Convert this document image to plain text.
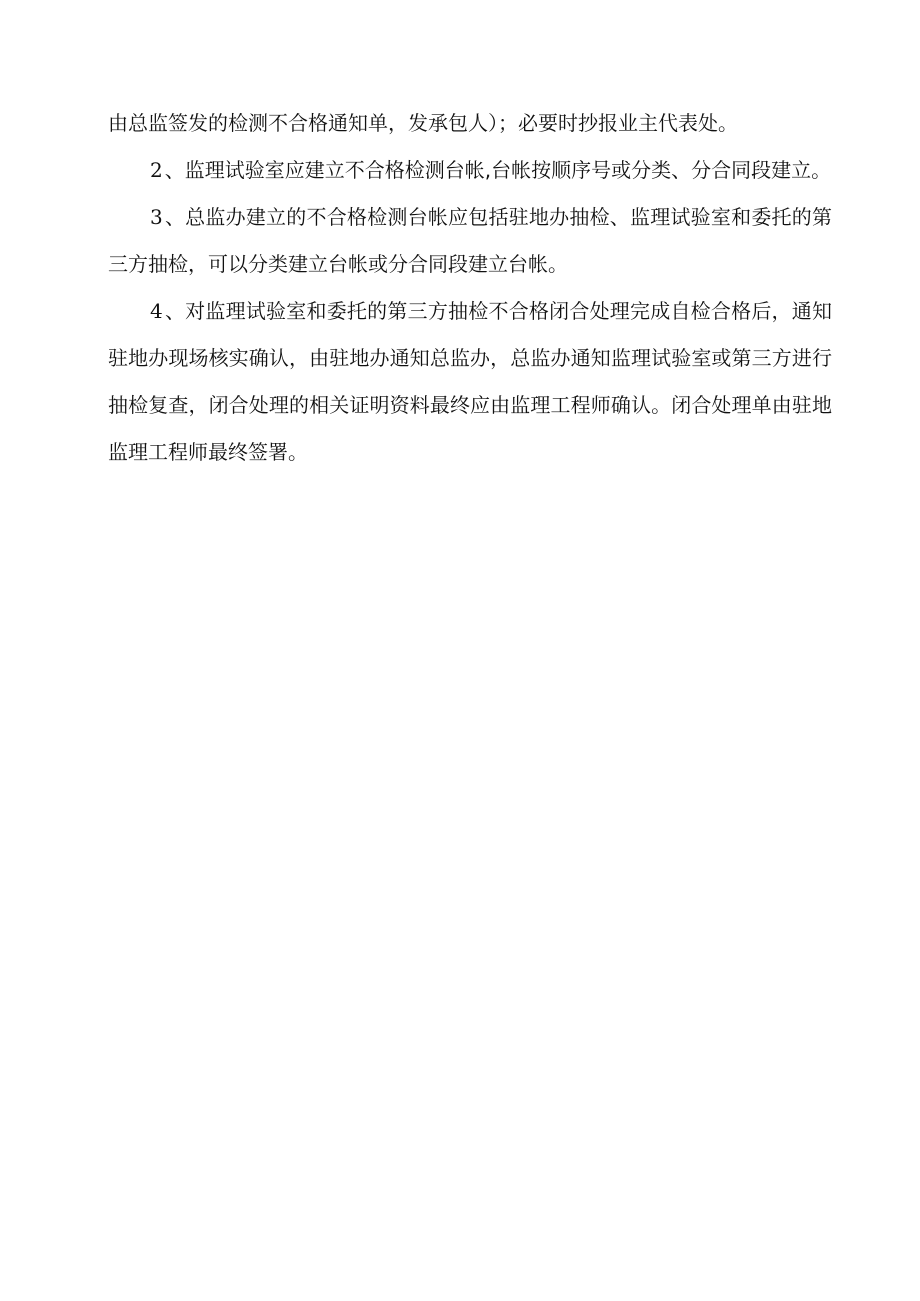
由总监签发的检测不合格通知单，发承包人）；必要时抄报业主代表处。

2 、监理试验室应建立不合格检测台帐,台帐按顺序号或分类、分合同段建立。

3 、总监办建立的不合格检测台帐应包括驻地办抽检、监理试验室和委托的第三方抽检，可以分类建立台帐或分合同段建立台帐。

4 、对监理试验室和委托的第三方抽检不合格闭合处理完成自检合格后，通知驻地办现场核实确认，由驻地办通知总监办，总监办通知监理试验室或第三方进行抽检复查，闭合处理的相关证明资料最终应由监理工程师确认。闭合处理单由驻地监理工程师最终签署。
